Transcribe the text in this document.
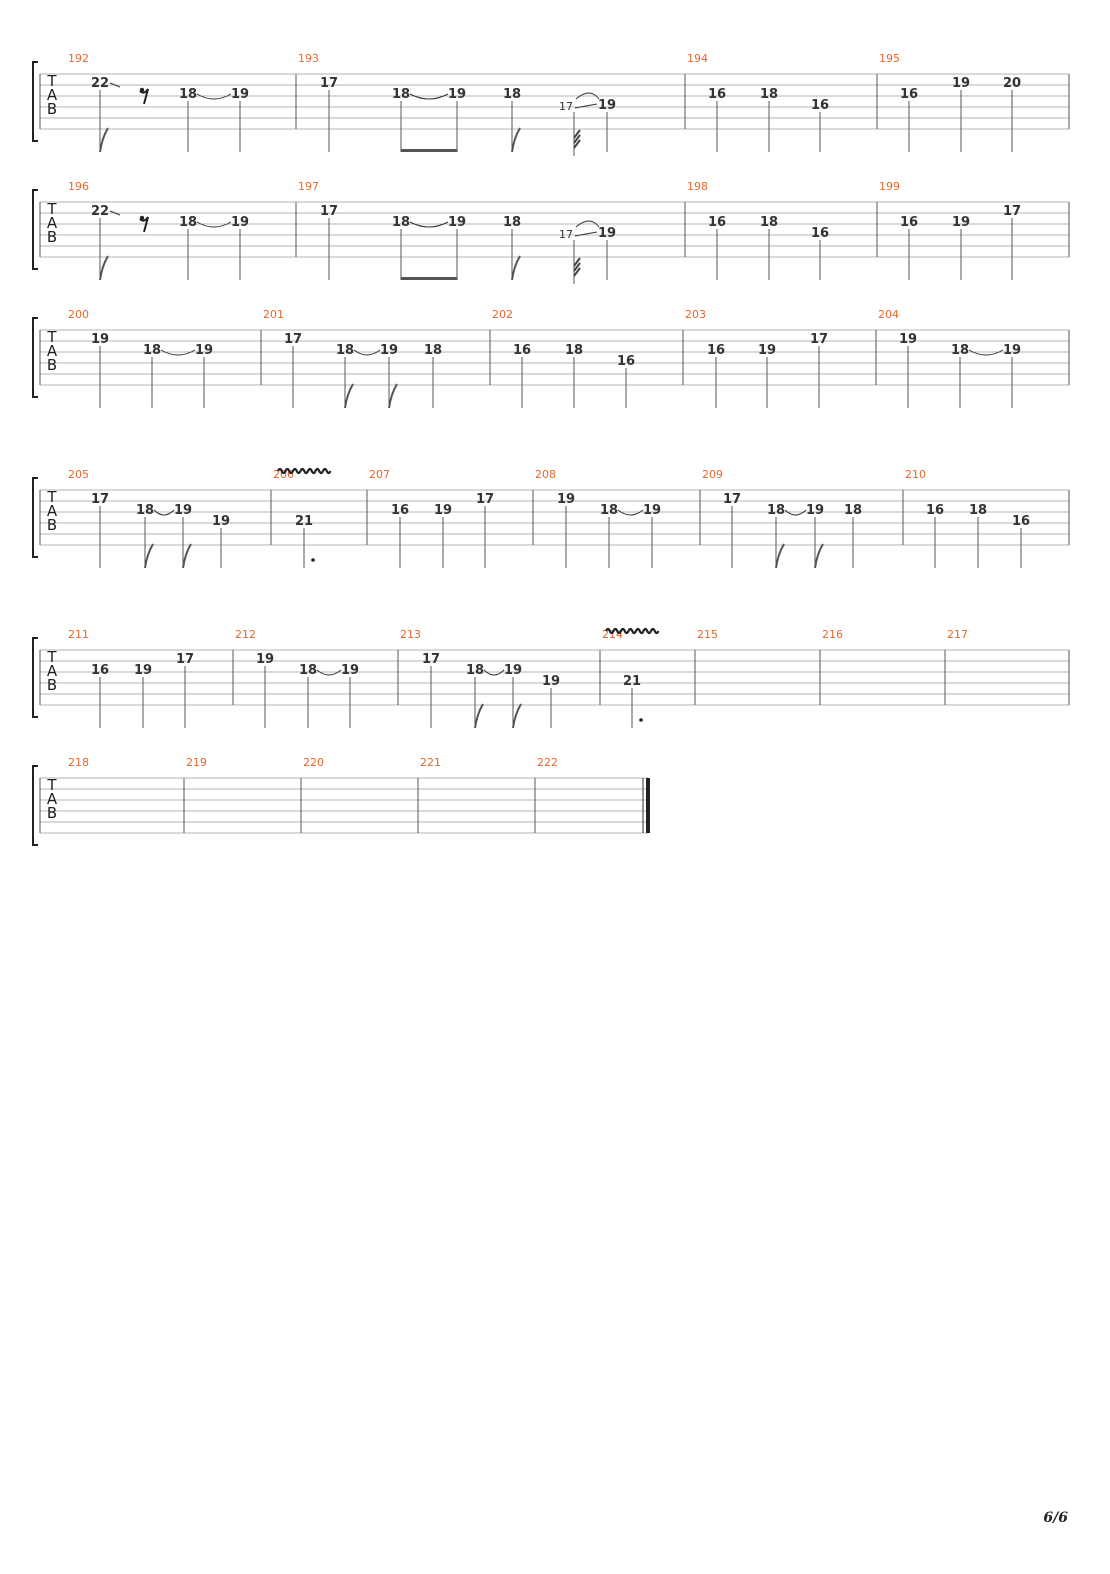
T
A
B
192
22
18	19
193
17
18	19	18
19
17
194
16	18
16
195
16
19	20
T
A
B
196
22
18	19
197
17
18	19	18
19
17
198
16	18
16
199
16	19
17
T
A
B
200
19
18	19
201
17
18 19 18
202
16	18
16
203
16	19
17
204
19
18	19
T
A
B
205
17
18 19
19
206
21
207
16 19
17
208
19
18 19
209
17
18 19 18
210
16 18
16
T
A
B
211
16 19
17
212
19
18 19
213
17
18 19
19
214
21
215	216	217
T
A
B
218	219	220	221	222
6/6
